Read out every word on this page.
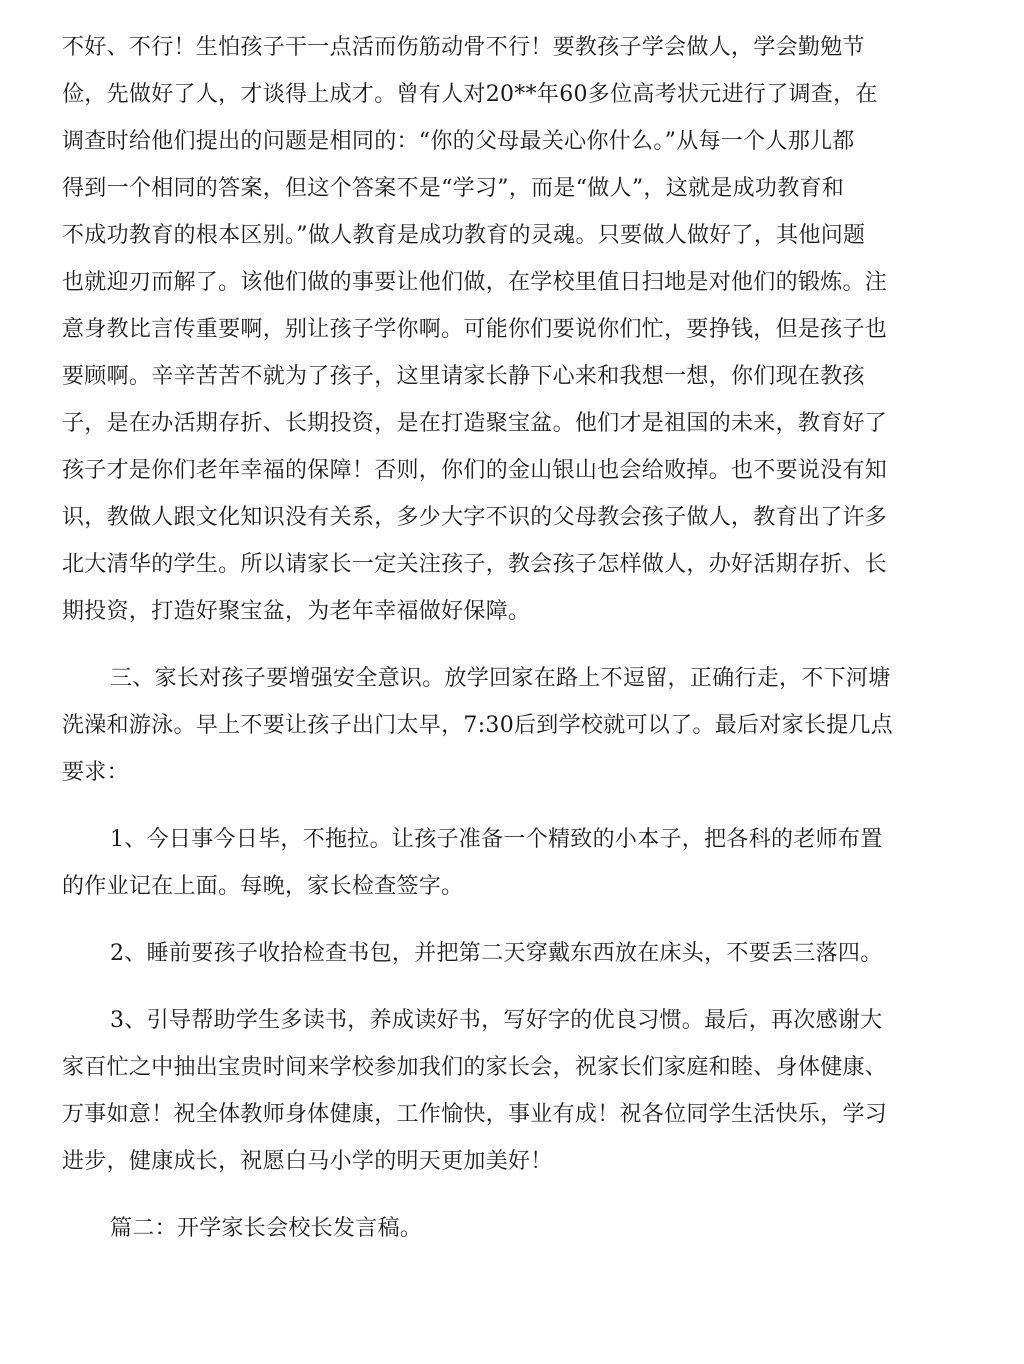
不好、不行！生怕孩子干一点活而伤筋动骨不行！要教孩子学会做人，学会勤勉节
俭，先做好了人，才谈得上成才。曾有人对20**年60多位高考状元进行了调查，在
调查时给他们提出的问题是相同的：“你的父母最关心你什么。”从每一个人那儿都
得到一个相同的答案，但这个答案不是“学习”，而是“做人”，这就是成功教育和
不成功教育的根本区别。”做人教育是成功教育的灵魂。只要做人做好了，其他问题
也就迎刃而解了。该他们做的事要让他们做，在学校里值日扫地是对他们的锻炼。注
意身教比言传重要啊，别让孩子学你啊。可能你们要说你们忙，要挣钱，但是孩子也
要顾啊。辛辛苦苦不就为了孩子，这里请家长静下心来和我想一想，你们现在教孩
子，是在办活期存折、长期投资，是在打造聚宝盆。他们才是祖国的未来，教育好了
孩子才是你们老年幸福的保障！否则，你们的金山银山也会给败掉。也不要说没有知
识，教做人跟文化知识没有关系，多少大字不识的父母教会孩子做人，教育出了许多
北大清华的学生。所以请家长一定关注孩子，教会孩子怎样做人，办好活期存折、长
期投资，打造好聚宝盆，为老年幸福做好保障。
三、家长对孩子要增强安全意识。放学回家在路上不逗留，正确行走，不下河塘
洗澡和游泳。早上不要让孩子出门太早，7:30后到学校就可以了。最后对家长提几点
要求：
1、今日事今日毕，不拖拉。让孩子准备一个精致的小本子，把各科的老师布置
的作业记在上面。每晚，家长检查签字。
2、睡前要孩子收拾检查书包，并把第二天穿戴东西放在床头，不要丢三落四。
3、引导帮助学生多读书，养成读好书，写好字的优良习惯。最后，再次感谢大
家百忙之中抽出宝贵时间来学校参加我们的家长会，祝家长们家庭和睦、身体健康、
万事如意！祝全体教师身体健康，工作愉快，事业有成！祝各位同学生活快乐，学习
进步，健康成长，祝愿白马小学的明天更加美好！
篇二：开学家长会校长发言稿。
